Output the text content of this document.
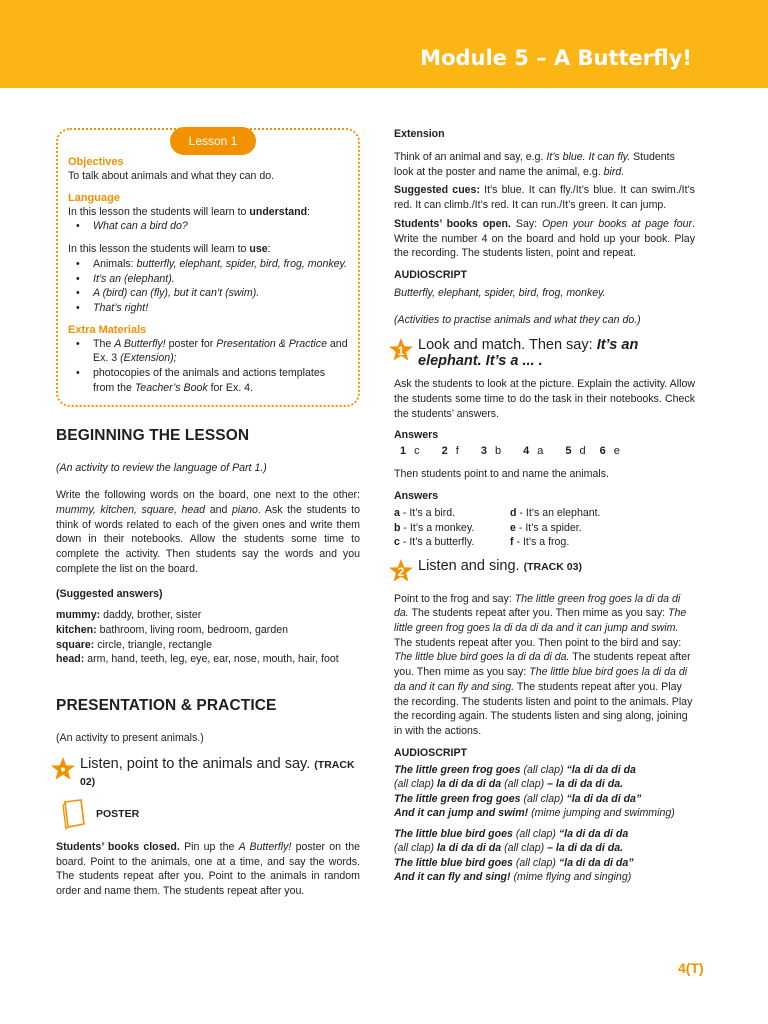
Module 5 – A Butterfly!
Lesson 1
Objectives

To talk about animals and what they can do.

Language

In this lesson the students will learn to understand:

• What can a bird do?

In this lesson the students will learn to use:

• Animals: butterfly, elephant, spider, bird, frog, monkey.
• It’s an (elephant).
• A (bird) can (fly), but it can’t (swim).
• That’s right!
Extra Materials
• The A Butterfly! poster for Presentation & Practice and Ex. 3 (Extension);
• photocopies of the animals and actions templates from the Teacher’s Book for Ex. 4.
BEGINNING THE LESSON

(An activity to review the language of Part 1.)

Write the following words on the board, one next to the other: mummy, kitchen, square, head and piano. Ask the students to think of words related to each of the given ones and write them down in their notebooks. Allow the students some time to complete the activity. Then students say the words and you complete the list on the board.

(Suggested answers)

mummy: daddy, brother, sister

kitchen: bathroom, living room, bedroom, garden

square: circle, triangle, rectangle

head: arm, hand, teeth, leg, eye, ear, nose, mouth, hair, foot

PRESENTATION & PRACTICE

(An activity to present animals.)

Listen, point to the animals and say. (TRACK 02)
POSTER

Students’ books closed. Pin up the A Butterfly! poster on the board. Point to the animals, one at a time, and say the words. The students repeat after you. Point to the animals in random order and name them. The students repeat after you.

Extension

Think of an animal and say, e.g. It’s blue. It can fly. Students look at the poster and name the animal, e.g. bird.

Suggested cues: It’s blue. It can fly./It’s blue. It can swim./It’s red. It can climb./It’s red. It can run./It’s green. It can jump.

Students’ books open. Say: Open your books at page four. Write the number 4 on the board and hold up your book. Play the recording. The students listen, point and repeat.

AUDIOSCRIPT

Butterfly, elephant, spider, bird, frog, monkey.

(Activities to practise animals and what they can do.)

1 Look and match. Then say: It’s an elephant. It’s a ... .

Ask the students to look at the picture. Explain the activity. Allow the students some time to do the task in their notebooks. Check the students’ answers.

Answers
1 c 2 f 3 b 4 a 5 d 6 e

Then students point to and name the animals.

Answers
a - It’s a bird.	d - It’s an elephant.
b - It’s a monkey.	e - It’s a spider.
c - It’s a butterfly.	f - It’s a frog.
2 Listen and sing. (TRACK 03)

Point to the frog and say: The little green frog goes la di da di da. The students repeat after you. Then mime as you say: The little green frog goes la di da di da and it can jump and swim. The students repeat after you. Then point to the bird and say: The little blue bird goes la di da di da. The students repeat after you. Then mime as you say: The little blue bird goes la di da di da and it can fly and sing. The students repeat after you. Play the recording. The students listen and point to the animals. Play the recording again. The students listen and sing along, joining in with the actions.

AUDIOSCRIPT
The little green frog goes (all clap) “la di da di da
(all clap) la di da di da (all clap) – la di da di da.
The little green frog goes (all clap) “la di da di da”
And it can jump and swim! (mime jumping and swimming)
The little blue bird goes (all clap) “la di da di da
(all clap) la di da di da (all clap) – la di da di da.
The little blue bird goes (all clap) “la di da di da”
And it can fly and sing! (mime flying and singing)
4(T)
